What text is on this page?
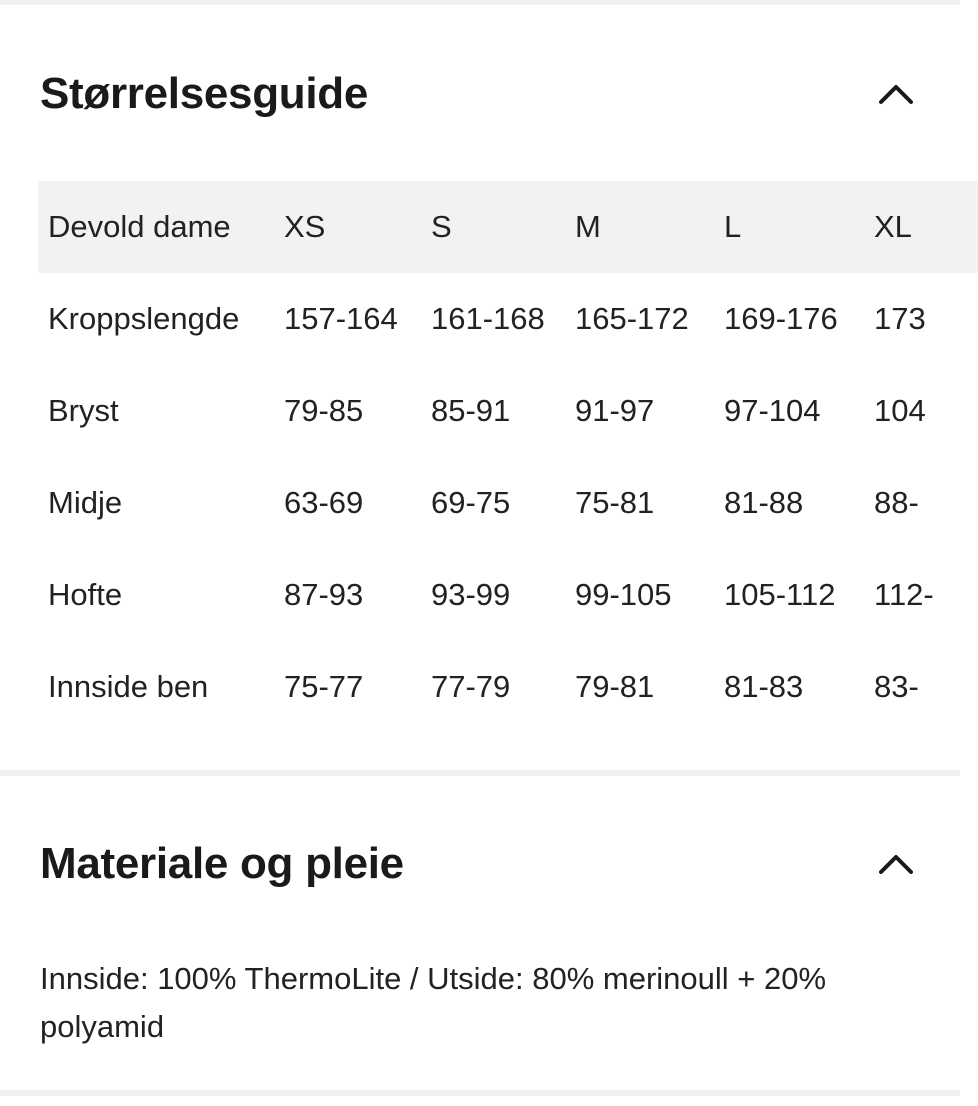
Størrelsesguide
Devold dame	XS	S	M	L	XL
Kroppslengde	157-164	161-168	165-172	169-176	173
Bryst	79-85	85-91	91-97	97-104	104
Midje	63-69	69-75	75-81	81-88	88-
Hofte	87-93	93-99	99-105	105-112	112-
Innside ben	75-77	77-79	79-81	81-83	83-
Materiale og pleie
Innside: 100% ThermoLite / Utside: 80% merinoull + 20% polyamid
